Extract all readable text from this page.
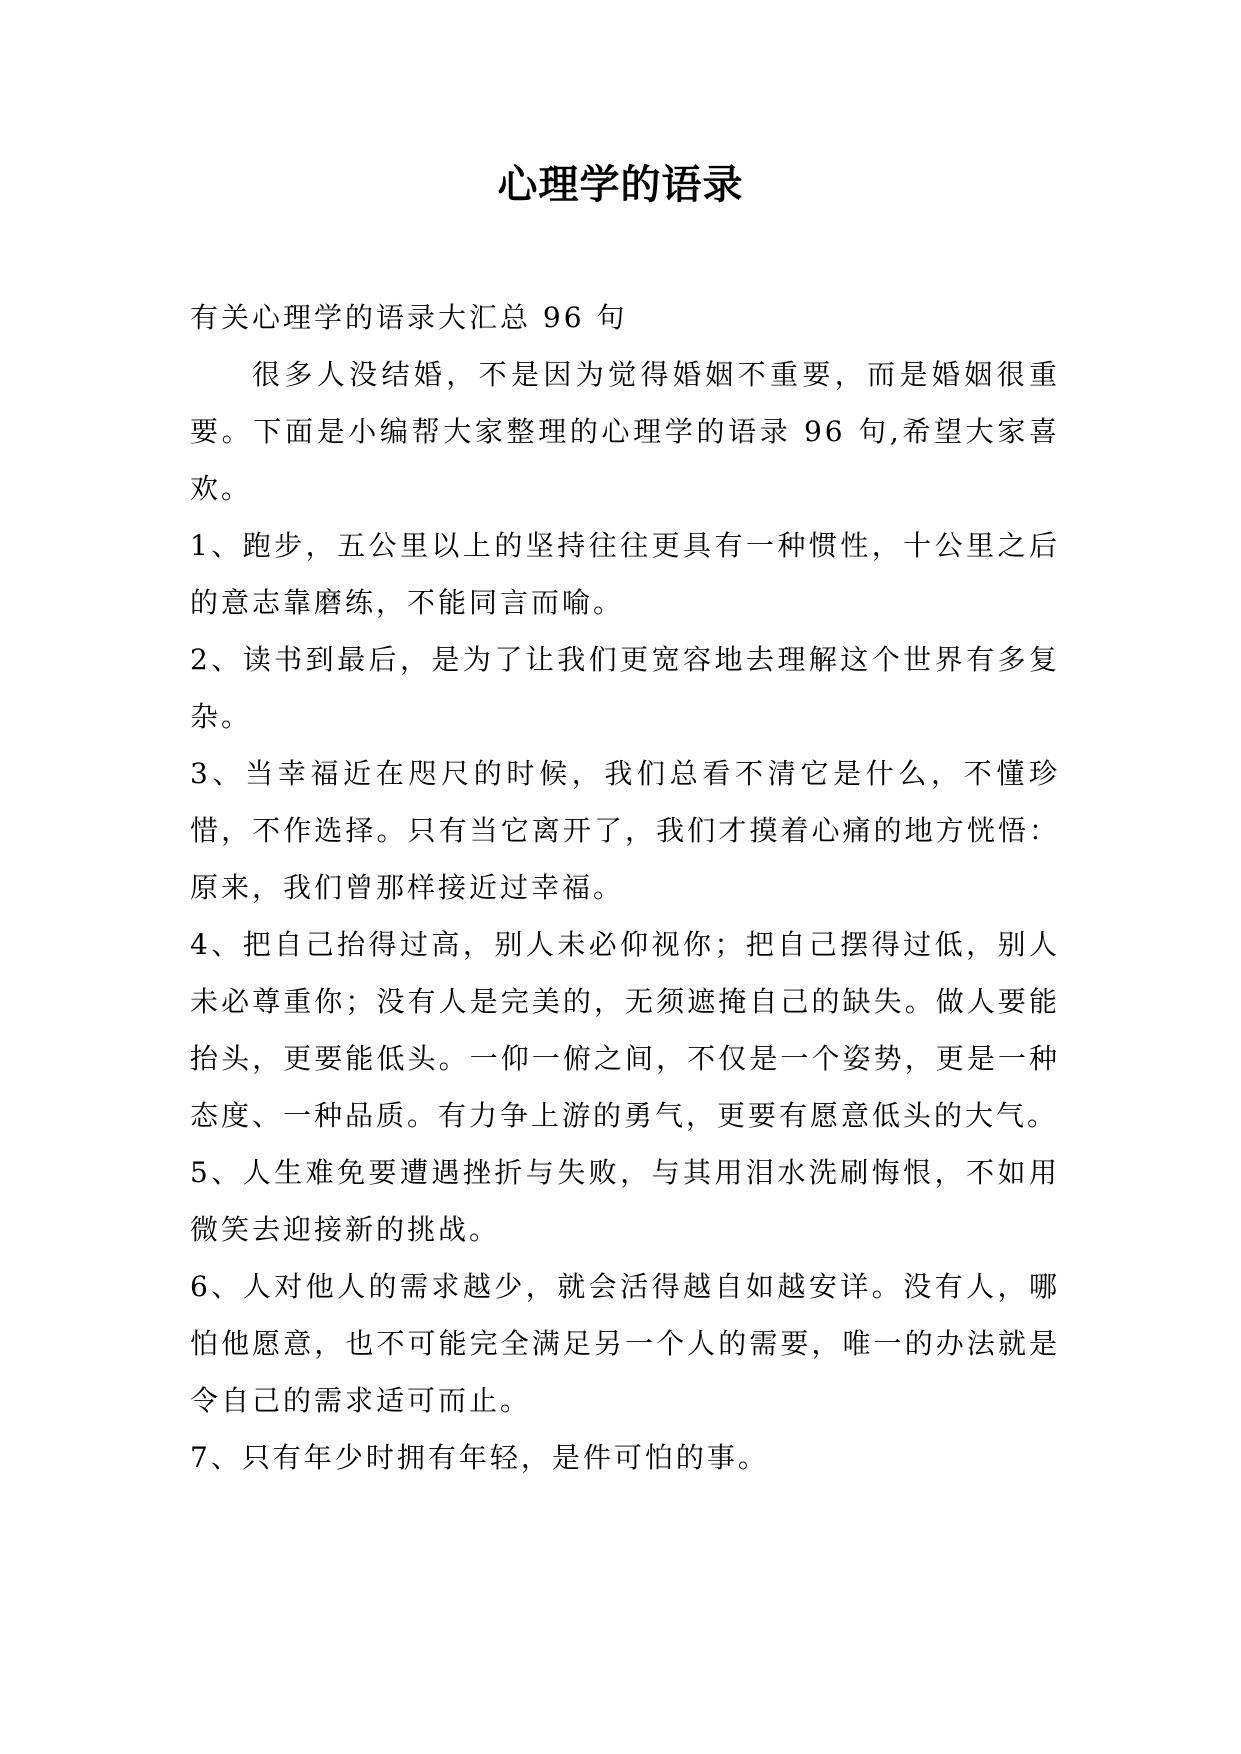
心理学的语录

有关心理学的语录大汇总 96 句

很多人没结婚，不是因为觉得婚姻不重要，而是婚姻很重要。下面是小编帮大家整理的心理学的语录 96 句,希望大家喜欢。

1、跑步，五公里以上的坚持往往更具有一种惯性，十公里之后的意志靠磨练，不能同言而喻。

2、读书到最后，是为了让我们更宽容地去理解这个世界有多复杂。

3、当幸福近在咫尺的时候，我们总看不清它是什么，不懂珍惜，不作选择。只有当它离开了，我们才摸着心痛的地方恍悟：原来，我们曾那样接近过幸福。

4、把自己抬得过高，别人未必仰视你；把自己摆得过低，别人未必尊重你；没有人是完美的，无须遮掩自己的缺失。做人要能抬头，更要能低头。一仰一俯之间，不仅是一个姿势，更是一种态度、一种品质。有力争上游的勇气，更要有愿意低头的大气。

5、人生难免要遭遇挫折与失败，与其用泪水洗刷悔恨，不如用微笑去迎接新的挑战。

6、人对他人的需求越少，就会活得越自如越安详。没有人，哪怕他愿意，也不可能完全满足另一个人的需要，唯一的办法就是令自己的需求适可而止。

7、只有年少时拥有年轻，是件可怕的事。
